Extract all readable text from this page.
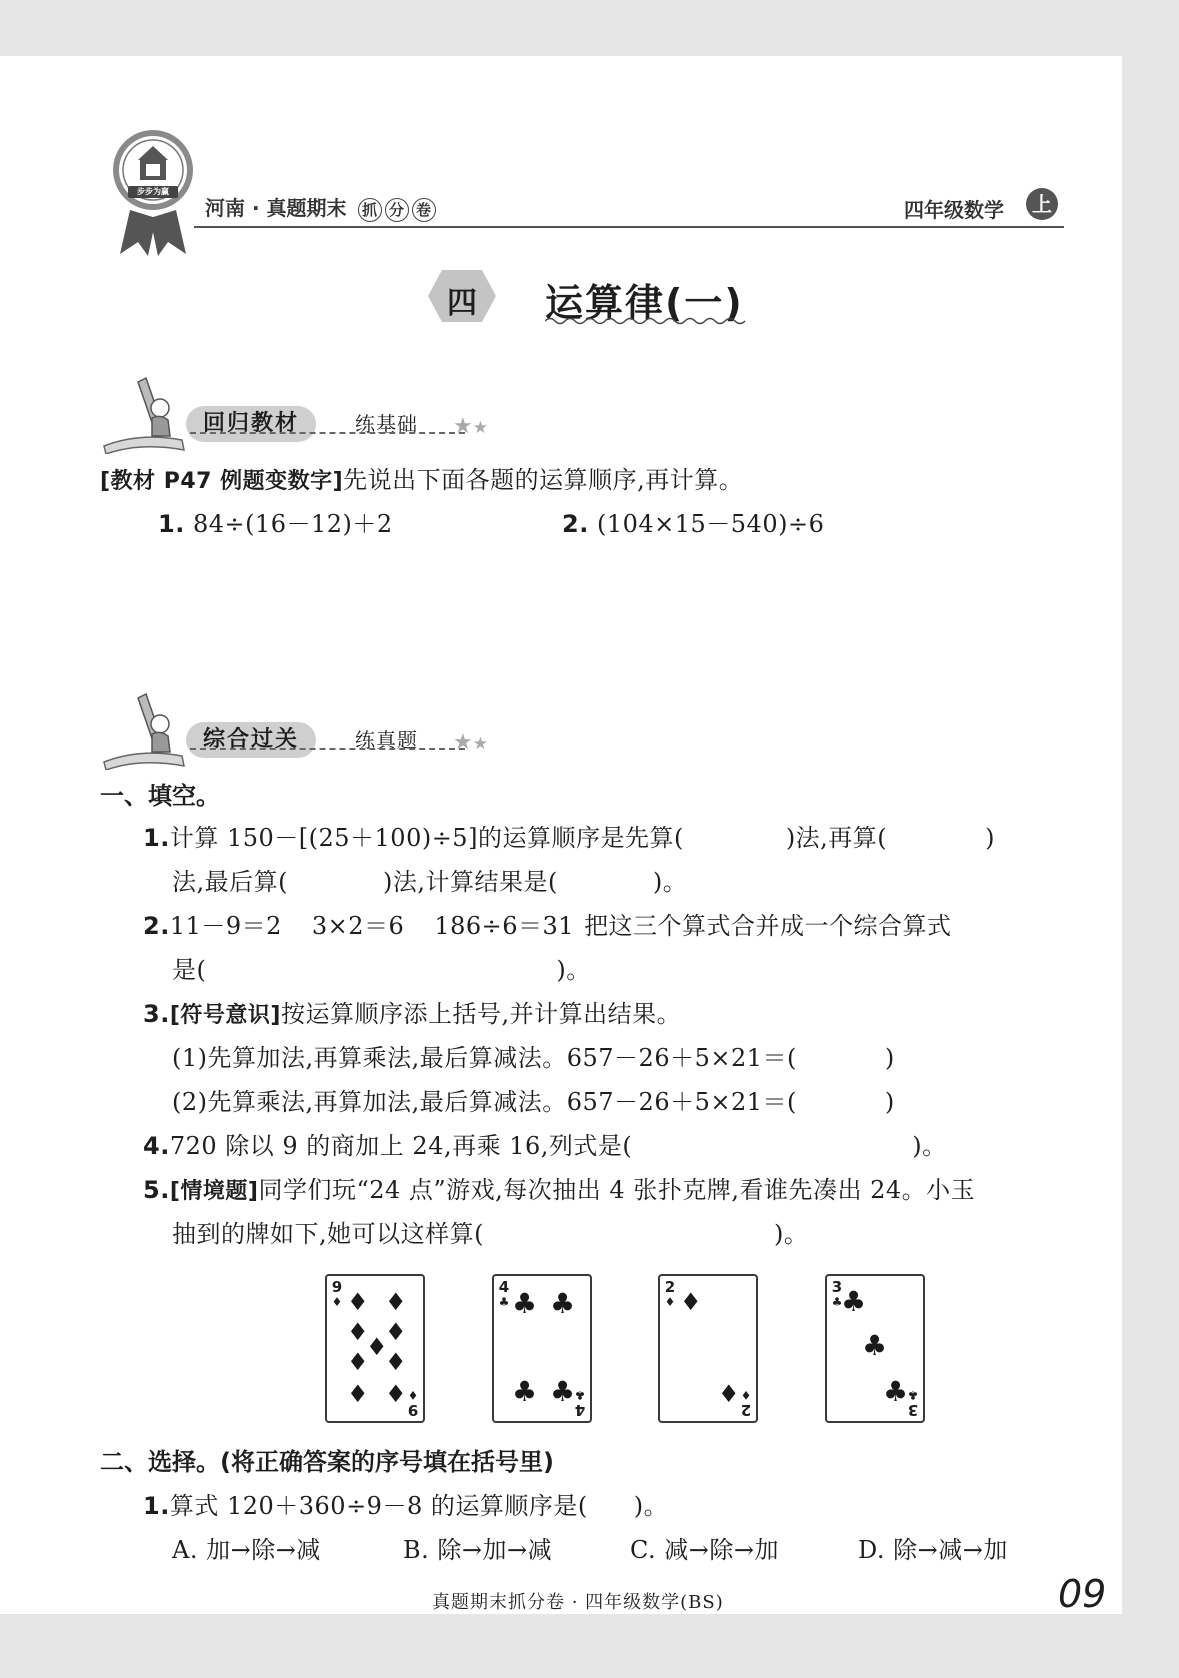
步步为赢
河南 · 真题期末 抓 分 卷	四年级数学	上
四	运算律(一)
回归教材	练基础 ★★
[教材 P47 例题变数字]先说出下面各题的运算顺序,再计算。
1. 84÷(16－12)＋2	2. (104×15－540)÷6
综合过关	练真题 ★★
一、填空。
1.计算 150－[(25＋100)÷5]的运算顺序是先算(	)法,再算(	)
法,最后算(	)法,计算结果是(	)。
2.11－9＝2 3×2＝6 186÷6＝31 把这三个算式合并成一个综合算式
是(	)。
3.[符号意识]按运算顺序添上括号,并计算出结果。
(1)先算加法,再算乘法,最后算减法。657－26＋5×21＝(	)
(2)先算乘法,再算加法,最后算减法。657－26＋5×21＝(	)
4.720 除以 9 的商加上 24,再乘 16,列式是(	)。
5.[情境题]同学们玩“24 点”游戏,每次抽出 4 张扑克牌,看谁先凑出 24。小玉
抽到的牌如下,她可以这样算(	)。
9
♦
9
♦
♦ ♦
♦ ♦
♦
♦ ♦
♦ ♦
4
♣
4
♣
♣ ♣
♣ ♣
2
♦
2
♦
♦
♦
3
♣
3
♣
♣
♣
♣
二、选择。(将正确答案的序号填在括号里)
1.算式 120＋360÷9－8 的运算顺序是( )。
A. 加→除→减	B. 除→加→减	C. 减→除→加	D. 除→减→加
真题期末抓分卷 · 四年级数学(BS)	09
